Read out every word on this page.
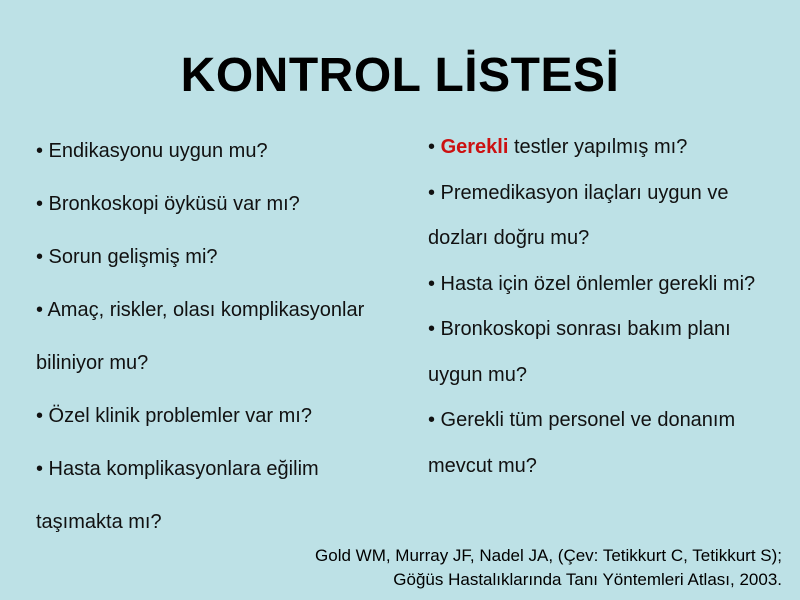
KONTROL LİSTESİ

• Endikasyonu uygun mu?

• Bronkoskopi öyküsü var mı?

• Sorun gelişmiş mi?

• Amaç, riskler, olası komplikasyonlar biliniyor mu?

• Özel klinik problemler var mı?

• Hasta komplikasyonlara eğilim taşımakta mı?

• Gerekli testler yapılmış mı?

• Premedikasyon ilaçları uygun ve dozları doğru mu?

• Hasta için özel önlemler gerekli mi?

• Bronkoskopi sonrası bakım planı uygun mu?

• Gerekli tüm personel ve donanım mevcut mu?

Gold WM, Murray JF, Nadel JA, (Çev: Tetikkurt C, Tetikkurt S);
Göğüs Hastalıklarında Tanı Yöntemleri Atlası, 2003.
